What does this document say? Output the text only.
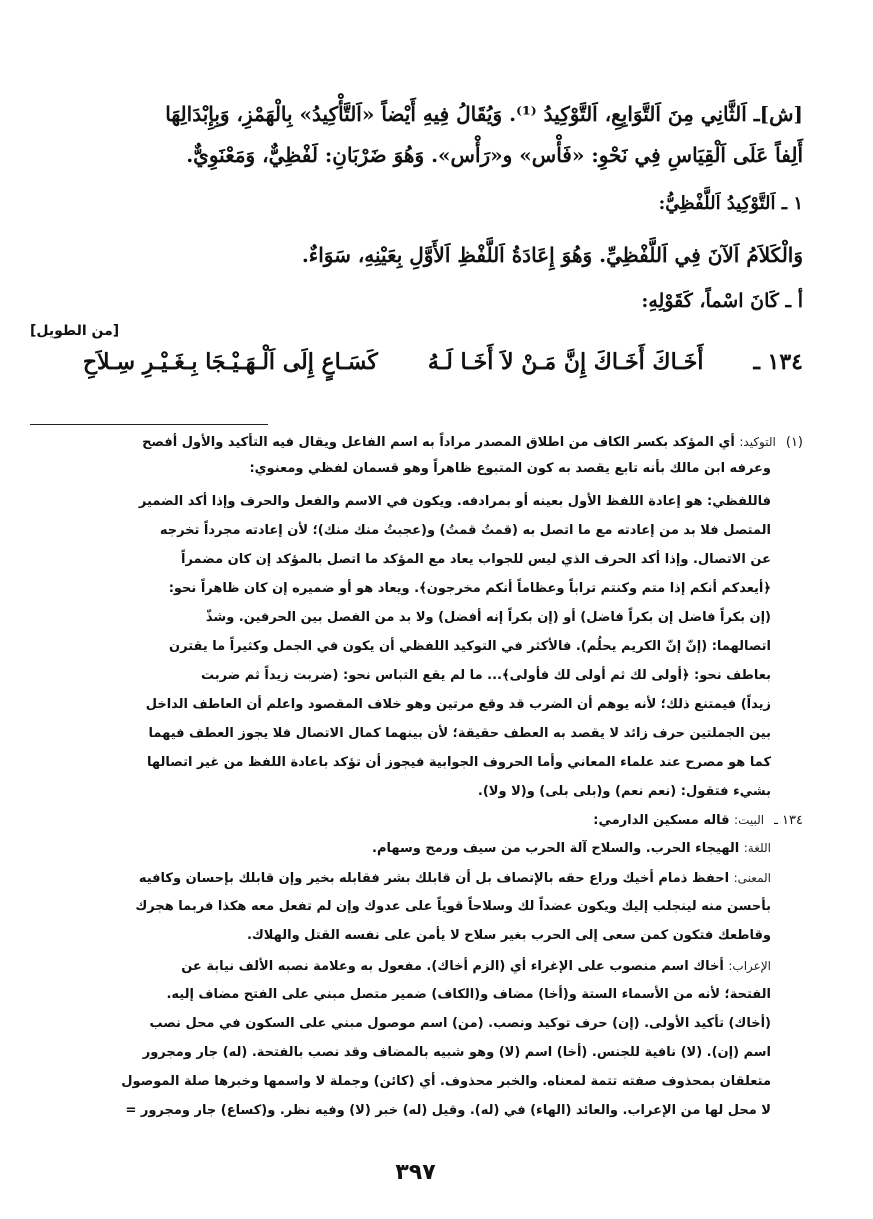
[ش]ـ اَلثَّانِي مِنَ اَلتَّوَابِعِ، اَلتَّوْكِيدُ ⁽¹⁾. وَيُقَالُ فِيهِ أَيْضاً «اَلتَّأْكِيدُ» بِالْهَمْزِ، وَبِإِبْدَالِهَا
أَلِفاً عَلَى اَلْقِيَاسِ فِي نَحْوِ: «فَأْس» و«رَأْس». وَهُوَ ضَرْبَانِ: لَفْظِيٌّ، وَمَعْنَوِيٌّ.
١ ـ اَلتَّوْكِيدُ اَللَّفْظِيُّ:
وَالْكَلاَمُ اَلآنَ فِي اَللَّفْظِيِّ. وَهُوَ إِعَادَةُ اَللَّفْظِ اَلأَوَّلِ بِعَيْنِهِ، سَوَاءٌ.
أ ـ كَانَ اسْماً، كَقَوْلِهِ:
[من الطويل]
١٣٤ ـ
أَخَـاكَ أَخَـاكَ إِنَّ مَـنْ لاَ أَخَـا لَـهُ
كَسَـاعٍ إِلَى اَلْـهَـيْـجَا بِـغَـيْـرِ سِـلاَحِ
(١)التوكيد: أي المؤكد بكسر الكاف من اطلاق المصدر مراداً به اسم الفاعل ويقال فيه التأكيد والأول أفصح
وعرفه ابن مالك بأنه تابع يقصد به كون المتبوع ظاهراً وهو قسمان لفظي ومعنوي:
فاللفظي: هو إعادة اللفظ الأول بعينه أو بمرادفه. ويكون في الاسم والفعل والحرف وإذا أكد الضمير
المتصل فلا بد من إعادته مع ما اتصل به (قمتُ قمتُ) و(عجبتُ منك منك)؛ لأن إعادته مجرداً تخرجه
عن الاتصال. وإذا أكد الحرف الذي ليس للجواب يعاد مع المؤكد ما اتصل بالمؤكد إن كان مضمراً
﴿أيعدكم أنكم إذا متم وكنتم تراباً وعظاماً أنكم مخرجون﴾. ويعاد هو أو ضميره إن كان ظاهراً نحو:
(إن بكراً فاضل إن بكراً فاضل) أو (إن بكراً إنه أفضل) ولا بد من الفصل بين الحرفين. وشذّ
اتصالهما: (إنّ إنّ الكريم يحلُم). فالأكثر في التوكيد اللفظي أن يكون في الجمل وكثيراً ما يقترن
بعاطف نحو: ﴿أولى لك ثم أولى لك فأولى﴾... ما لم يقع التباس نحو: (ضربت زيداً ثم ضربت
زيداً) فيمتنع ذلك؛ لأنه يوهم أن الضرب قد وقع مرتين وهو خلاف المقصود واعلم أن العاطف الداخل
بين الجملتين حرف زائد لا يقصد به العطف حقيقة؛ لأن بينهما كمال الاتصال فلا يجوز العطف فيهما
كما هو مصرح عند علماء المعاني وأما الحروف الجوابية فيجوز أن تؤكد باعادة اللفظ من غير اتصالها
بشيء فتقول: (نعم نعم) و(بلى بلى) و(لا ولا).
١٣٤ ـالبيت: قاله مسكين الدارمي:
اللغة: الهيجاء الحرب. والسلاح آلة الحرب من سيف ورمح وسهام.
المعنى: احفظ ذمام أخيك وراع حقه بالإتصاف بل أن قابلك بشر فقابله بخير وإن قابلك بإحسان وكافيه
بأحسن منه لينجلب إليك ويكون عضداً لك وسلاحاً قوياً على عدوك وإن لم تفعل معه هكذا فربما هجرك
وقاطعك فتكون كمن سعى إلى الحرب بغير سلاح لا يأمن على نفسه القتل والهلاك.
الإعراب: أخاك اسم منصوب على الإغراء أي (الزم أخاك). مفعول به وعلامة نصبه الألف نيابة عن
الفتحة؛ لأنه من الأسماء الستة و(أخا) مضاف و(الكاف) ضمير متصل مبني على الفتح مضاف إليه.
(أخاك) تأكيد الأولى. (إن) حرف توكيد ونصب. (من) اسم موصول مبني على السكون في محل نصب
اسم (إن). (لا) نافية للجنس. (أخا) اسم (لا) وهو شبيه بالمضاف وقد نصب بالفتحة. (له) جار ومجرور
متعلقان بمحذوف صفته تتمة لمعناه. والخبر محذوف. أي (كائن) وجملة لا واسمها وخبرها صلة الموصول
لا محل لها من الإعراب. والعائد (الهاء) في (له). وقيل (له) خبر (لا) وفيه نظر. و(كساع) جار ومجرور =
٣٩٧
